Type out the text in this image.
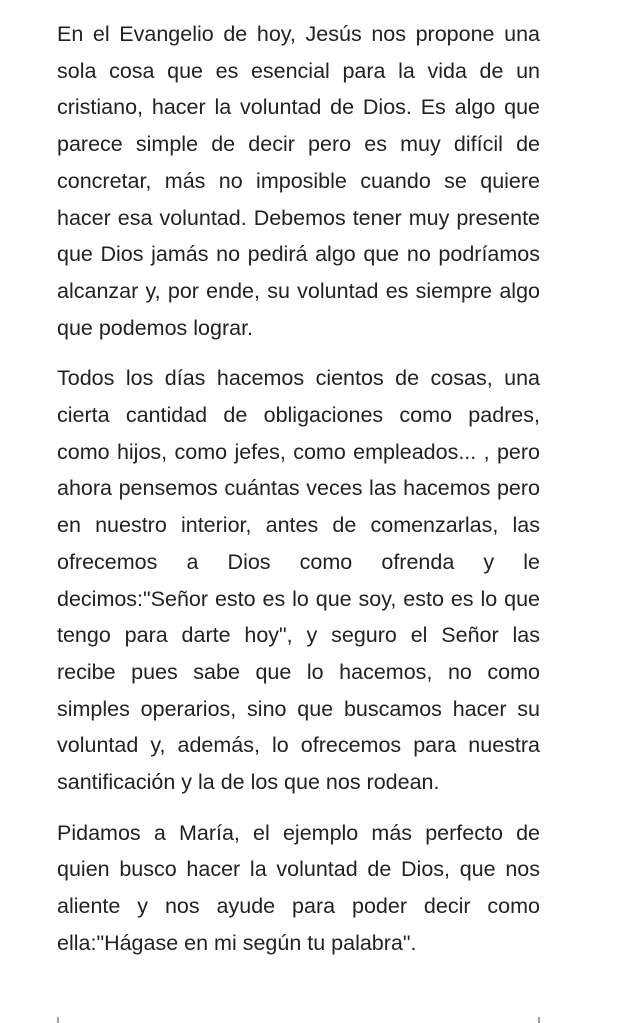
En el Evangelio de hoy, Jesús nos propone una sola cosa que es esencial para la vida de un cristiano, hacer la voluntad de Dios. Es algo que parece simple de decir pero es muy difícil de concretar, más no imposible cuando se quiere hacer esa voluntad. Debemos tener muy presente que Dios jamás no pedirá algo que no podríamos alcanzar y, por ende, su voluntad es siempre algo que podemos lograr.

Todos los días hacemos cientos de cosas, una cierta cantidad de obligaciones como padres, como hijos, como jefes, como empleados... , pero ahora pensemos cuántas veces las hacemos pero en nuestro interior, antes de comenzarlas, las ofrecemos a Dios como ofrenda y le decimos:"Señor esto es lo que soy, esto es lo que tengo para darte hoy", y seguro el Señor las recibe pues sabe que lo hacemos, no como simples operarios, sino que buscamos hacer su voluntad y, además, lo ofrecemos para nuestra santificación y la de los que nos rodean.

Pidamos a María, el ejemplo más perfecto de quien busco hacer la voluntad de Dios, que nos aliente y nos ayude para poder decir como ella:"Hágase en mi según tu palabra".
